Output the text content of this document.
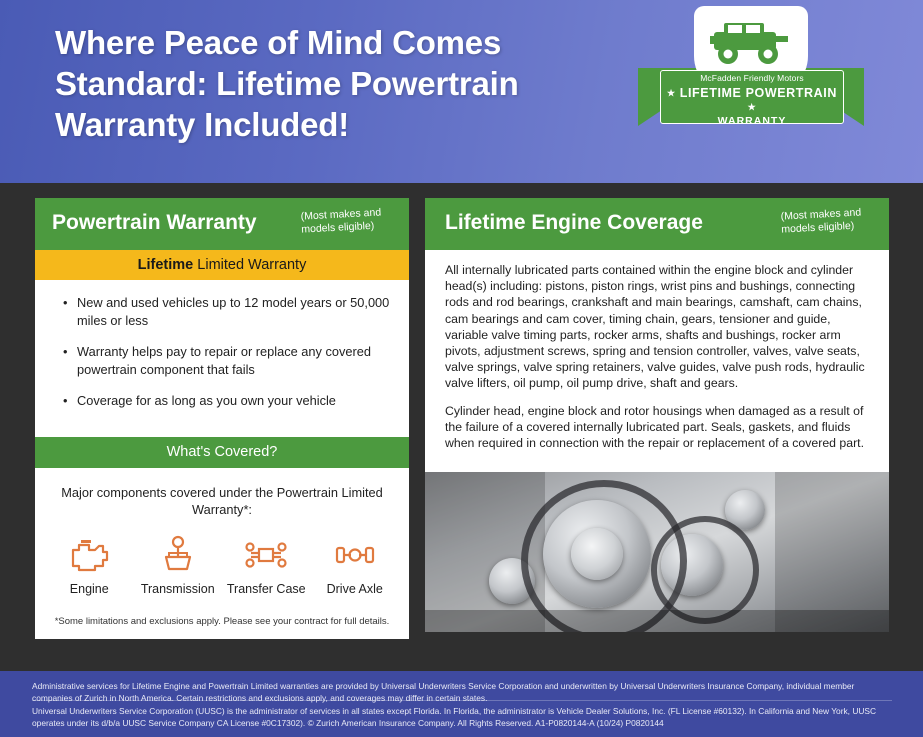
Where Peace of Mind Comes Standard: Lifetime Powertrain Warranty Included!
McFadden Friendly Motors
★ LIFETIME POWERTRAIN ★
WARRANTY
Powertrain Warranty	(Most makes and models eligible)
Lifetime Limited Warranty
• New and used vehicles up to 12 model years or 50,000 miles or less
• Warranty helps pay to repair or replace any covered powertrain component that fails
• Coverage for as long as you own your vehicle
What's Covered?
Major components covered under the Powertrain Limited Warranty*:
Engine	Transmission Transfer Case	Drive Axle
*Some limitations and exclusions apply. Please see your contract for full details.
Lifetime Engine Coverage	(Most makes and models eligible)

All internally lubricated parts contained within the engine block and cylinder head(s) including: pistons, piston rings, wrist pins and bushings, connecting rods and rod bearings, crankshaft and main bearings, camshaft, cam chains, cam bearings and cam cover, timing chain, gears, tensioner and guide, variable valve timing parts, rocker arms, shafts and bushings, rocker arm pivots, adjustment screws, spring and tension controller, valves, valve seats, valve springs, valve spring retainers, valve guides, valve push rods, hydraulic valve lifters, oil pump, oil pump drive, shaft and gears.

Cylinder head, engine block and rotor housings when damaged as a result of the failure of a covered internally lubricated part. Seals, gaskets, and fluids when required in connection with the repair or replacement of a covered part.

Administrative services for Lifetime Engine and Powertrain Limited warranties are provided by Universal Underwriters Service Corporation and underwritten by Universal Underwriters Insurance Company, individual member companies of Zurich in North America. Certain restrictions and exclusions apply, and coverages may differ in certain states.

Universal Underwriters Service Corporation (UUSC) is the administrator of services in all states except Florida. In Florida, the administrator is Vehicle Dealer Solutions, Inc. (FL License #60132). In California and New York, UUSC operates under its d/b/a UUSC Service Company CA License #0C17302). © Zurich American Insurance Company. All Rights Reserved. A1-P0820144-A (10/24) P0820144
